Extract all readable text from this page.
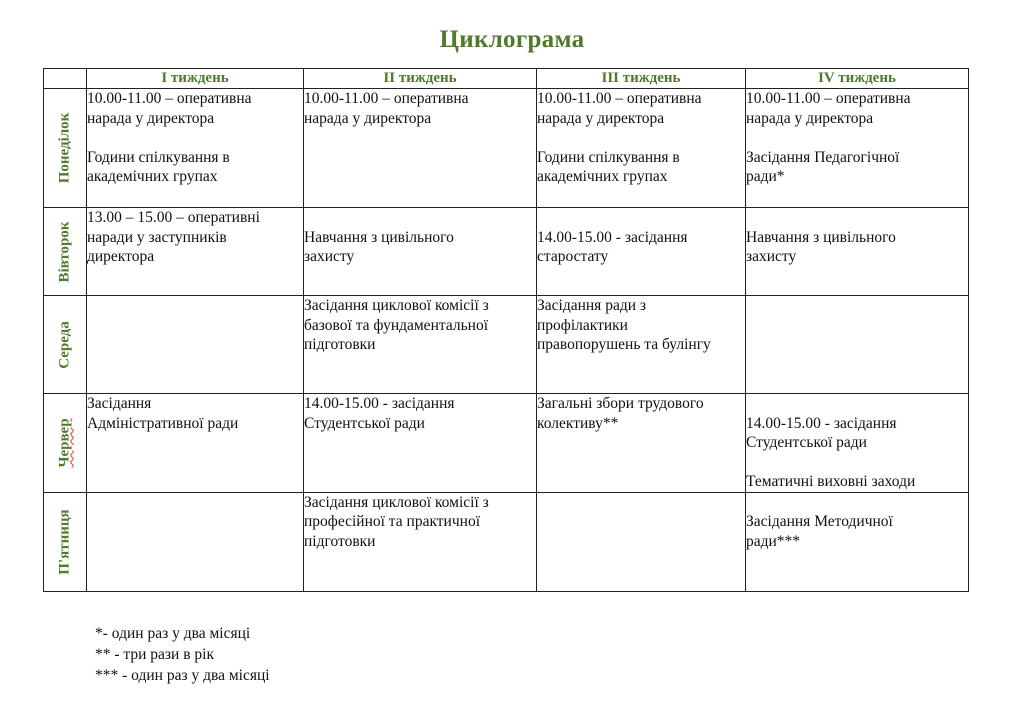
Циклограма
	І тиждень	ІІ тиждень	ІІІ тиждень	ІV тиждень

Понеділок	10.00-11.00 – оперативна
нарада у директора
Години спілкування в
академічних групах	10.00-11.00 – оперативна
нарада у директора	10.00-11.00 – оперативна
нарада у директора
Години спілкування в
академічних групах	10.00-11.00 – оперативна
нарада у директора
Засідання Педагогічної
ради*

Вівторок	13.00 – 15.00 – оперативні
наради у заступників
директора	Навчання з цивільного
захисту	14.00-15.00 - засідання
старостату	Навчання з цивільного
захисту

Середа		Засідання циклової комісії з
базової та фундаментальної
підготовки	Засідання ради з
профілактики
правопорушень та булінгу	

Червер	Засідання
Адміністративної ради	14.00-15.00 - засідання
Студентської ради	Загальні збори трудового
колективу**	14.00-15.00 - засідання
Студентської ради
Тематичні виховні заходи

П'ятниця		Засідання циклової комісії з
професійної та практичної
підготовки		Засідання Методичної
ради***
*- один раз у два місяці
** - три рази в рік
*** - один раз у два місяці
